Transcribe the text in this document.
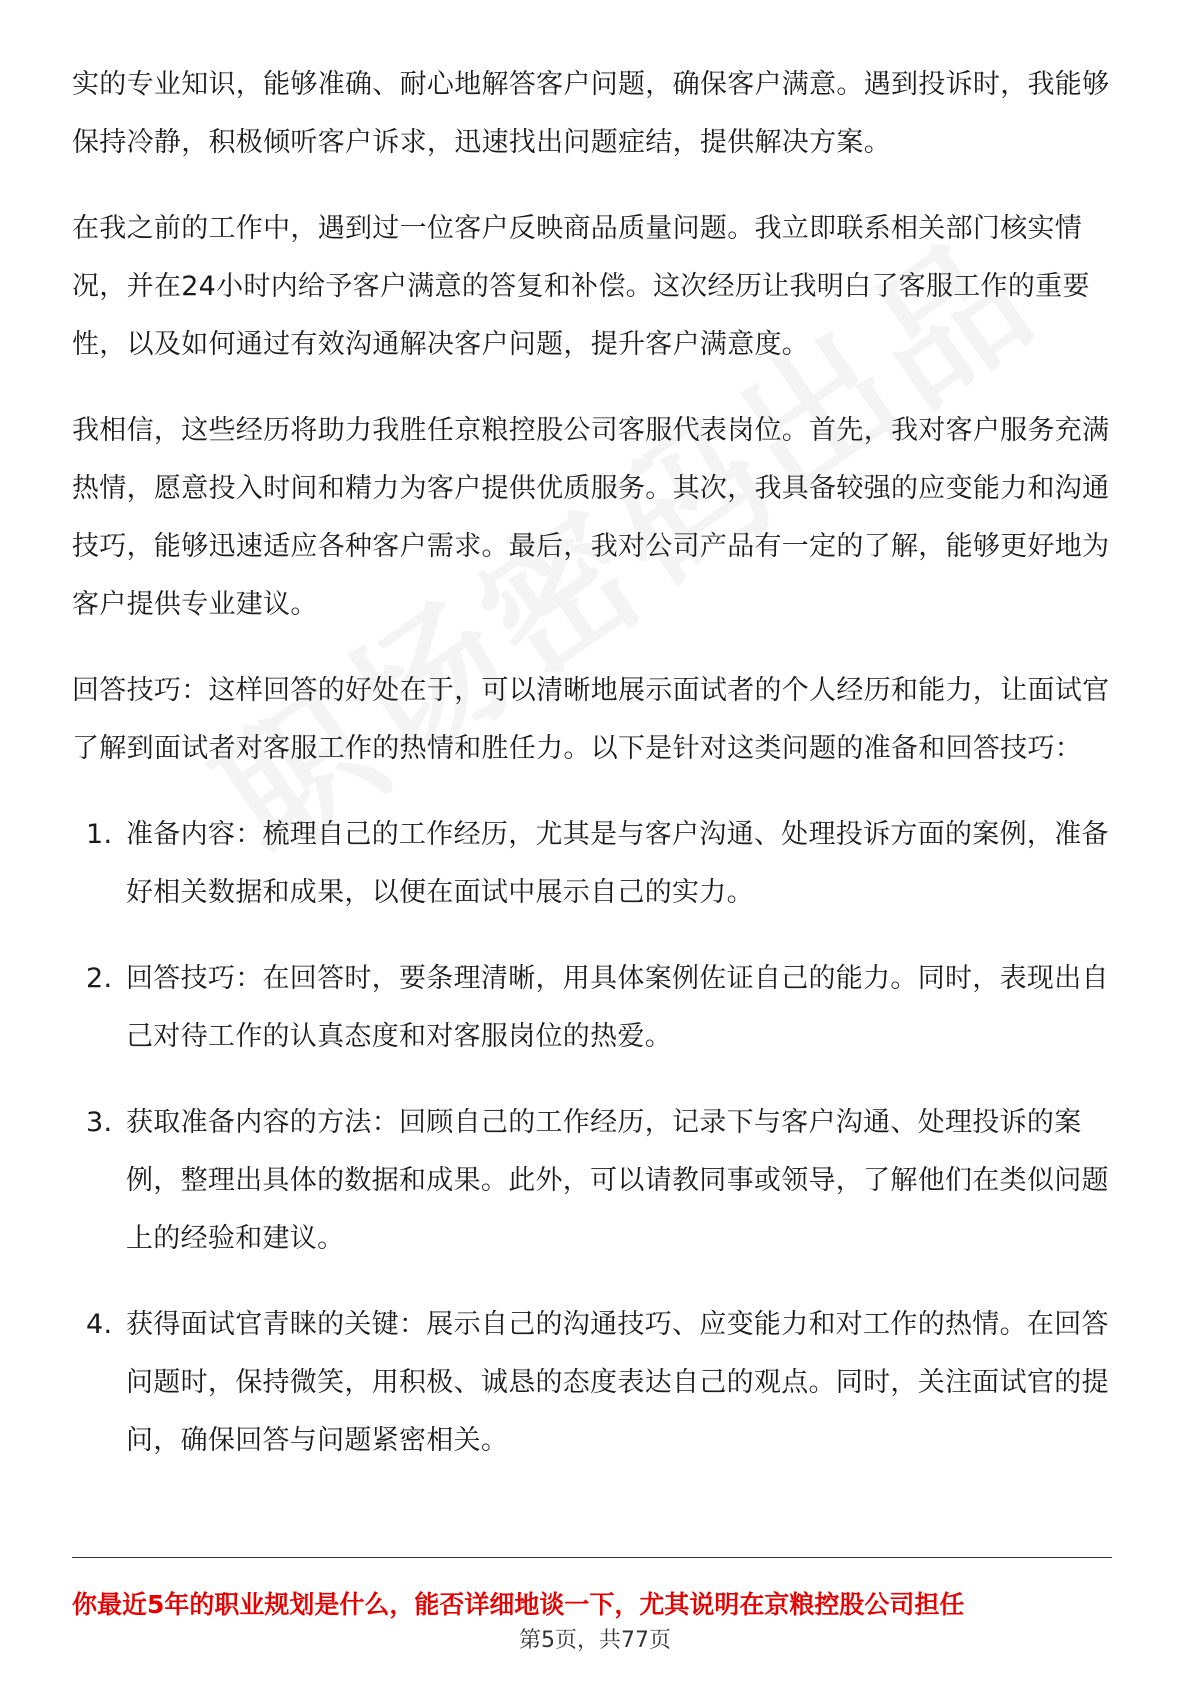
实的专业知识，能够准确、耐心地解答客户问题，确保客户满意。遇到投诉时，我能够保持冷静，积极倾听客户诉求，迅速找出问题症结，提供解决方案。

在我之前的工作中，遇到过一位客户反映商品质量问题。我立即联系相关部门核实情况，并在24小时内给予客户满意的答复和补偿。这次经历让我明白了客服工作的重要性，以及如何通过有效沟通解决客户问题，提升客户满意度。

我相信，这些经历将助力我胜任京粮控股公司客服代表岗位。首先，我对客户服务充满热情，愿意投入时间和精力为客户提供优质服务。其次，我具备较强的应变能力和沟通技巧，能够迅速适应各种客户需求。最后，我对公司产品有一定的了解，能够更好地为客户提供专业建议。

回答技巧：这样回答的好处在于，可以清晰地展示面试者的个人经历和能力，让面试官了解到面试者对客服工作的热情和胜任力。以下是针对这类问题的准备和回答技巧：

1. 准备内容：梳理自己的工作经历，尤其是与客户沟通、处理投诉方面的案例，准备好相关数据和成果，以便在面试中展示自己的实力。
2. 回答技巧：在回答时，要条理清晰，用具体案例佐证自己的能力。同时，表现出自己对待工作的认真态度和对客服岗位的热爱。
3. 获取准备内容的方法：回顾自己的工作经历，记录下与客户沟通、处理投诉的案例，整理出具体的数据和成果。此外，可以请教同事或领导，了解他们在类似问题上的经验和建议。
4. 获得面试官青睐的关键：展示自己的沟通技巧、应变能力和对工作的热情。在回答问题时，保持微笑，用积极、诚恳的态度表达自己的观点。同时，关注面试官的提问，确保回答与问题紧密相关。
你最近5年的职业规划是什么，能否详细地谈一下，尤其说明在京粮控股公司担任
第5页，共77页
